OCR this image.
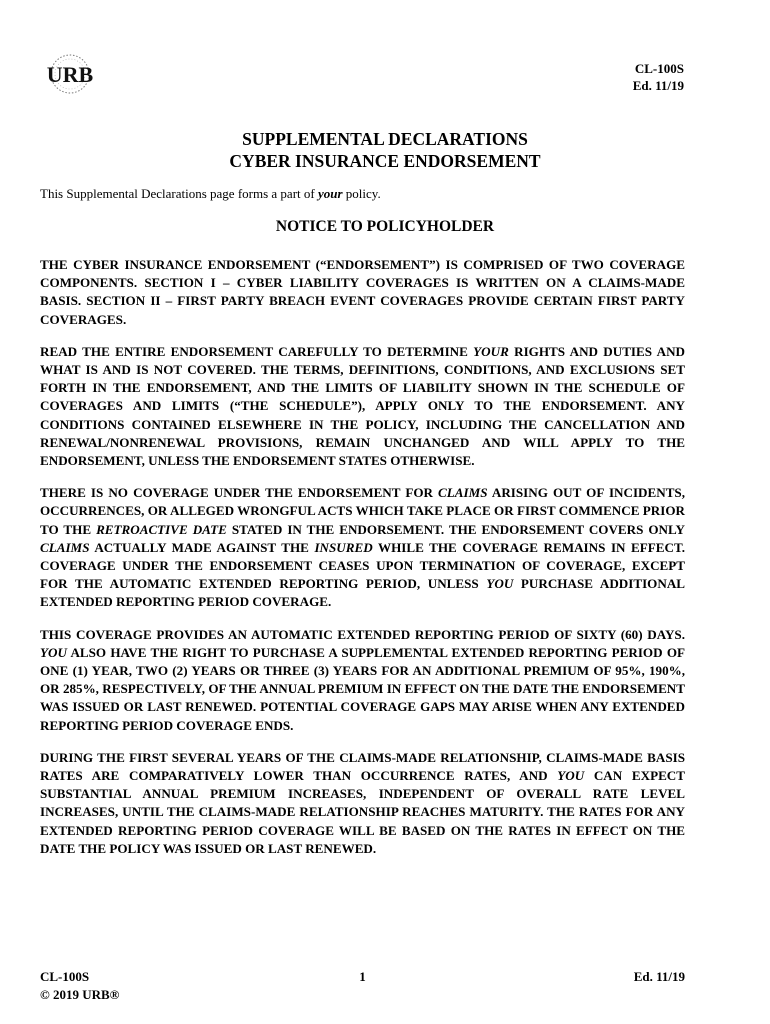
URB	CL-100S
Ed. 11/19
SUPPLEMENTAL DECLARATIONS
CYBER INSURANCE ENDORSEMENT
This Supplemental Declarations page forms a part of your policy.
NOTICE TO POLICYHOLDER

THE CYBER INSURANCE ENDORSEMENT (“ENDORSEMENT”) IS COMPRISED OF TWO COVERAGE COMPONENTS. SECTION I – CYBER LIABILITY COVERAGES IS WRITTEN ON A CLAIMS-MADE BASIS. SECTION II – FIRST PARTY BREACH EVENT COVERAGES PROVIDE CERTAIN FIRST PARTY COVERAGES.

READ THE ENTIRE ENDORSEMENT CAREFULLY TO DETERMINE YOUR RIGHTS AND DUTIES AND WHAT IS AND IS NOT COVERED. THE TERMS, DEFINITIONS, CONDITIONS, AND EXCLUSIONS SET FORTH IN THE ENDORSEMENT, AND THE LIMITS OF LIABILITY SHOWN IN THE SCHEDULE OF COVERAGES AND LIMITS (“THE SCHEDULE”), APPLY ONLY TO THE ENDORSEMENT. ANY CONDITIONS CONTAINED ELSEWHERE IN THE POLICY, INCLUDING THE CANCELLATION AND RENEWAL/NONRENEWAL PROVISIONS, REMAIN UNCHANGED AND WILL APPLY TO THE ENDORSEMENT, UNLESS THE ENDORSEMENT STATES OTHERWISE.

THERE IS NO COVERAGE UNDER THE ENDORSEMENT FOR CLAIMS ARISING OUT OF INCIDENTS, OCCURRENCES, OR ALLEGED WRONGFUL ACTS WHICH TAKE PLACE OR FIRST COMMENCE PRIOR TO THE RETROACTIVE DATE STATED IN THE ENDORSEMENT. THE ENDORSEMENT COVERS ONLY CLAIMS ACTUALLY MADE AGAINST THE INSURED WHILE THE COVERAGE REMAINS IN EFFECT. COVERAGE UNDER THE ENDORSEMENT CEASES UPON TERMINATION OF COVERAGE, EXCEPT FOR THE AUTOMATIC EXTENDED REPORTING PERIOD, UNLESS YOU PURCHASE ADDITIONAL EXTENDED REPORTING PERIOD COVERAGE.

THIS COVERAGE PROVIDES AN AUTOMATIC EXTENDED REPORTING PERIOD OF SIXTY (60) DAYS. YOU ALSO HAVE THE RIGHT TO PURCHASE A SUPPLEMENTAL EXTENDED REPORTING PERIOD OF ONE (1) YEAR, TWO (2) YEARS OR THREE (3) YEARS FOR AN ADDITIONAL PREMIUM OF 95%, 190%, OR 285%, RESPECTIVELY, OF THE ANNUAL PREMIUM IN EFFECT ON THE DATE THE ENDORSEMENT WAS ISSUED OR LAST RENEWED. POTENTIAL COVERAGE GAPS MAY ARISE WHEN ANY EXTENDED REPORTING PERIOD COVERAGE ENDS.

DURING THE FIRST SEVERAL YEARS OF THE CLAIMS-MADE RELATIONSHIP, CLAIMS-MADE BASIS RATES ARE COMPARATIVELY LOWER THAN OCCURRENCE RATES, AND YOU CAN EXPECT SUBSTANTIAL ANNUAL PREMIUM INCREASES, INDEPENDENT OF OVERALL RATE LEVEL INCREASES, UNTIL THE CLAIMS-MADE RELATIONSHIP REACHES MATURITY. THE RATES FOR ANY EXTENDED REPORTING PERIOD COVERAGE WILL BE BASED ON THE RATES IN EFFECT ON THE DATE THE POLICY WAS ISSUED OR LAST RENEWED.

CL-100S
© 2019 URB®
1	Ed. 11/19
